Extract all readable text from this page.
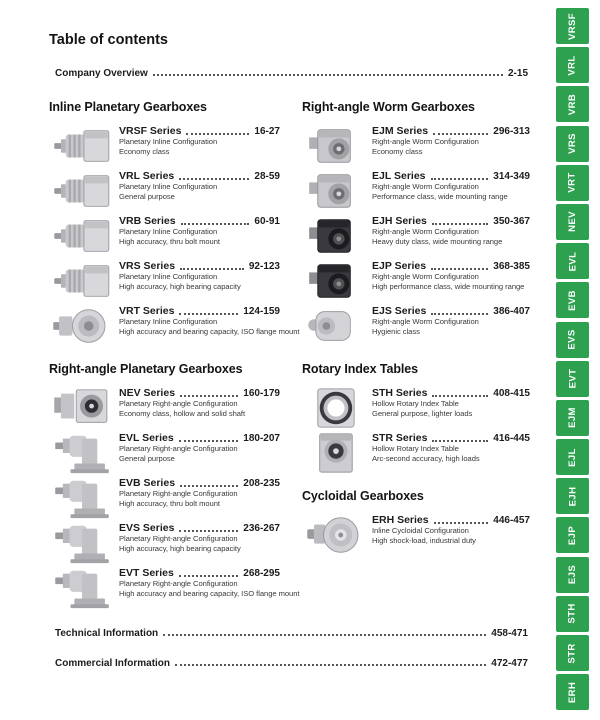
Table of contents
Company Overview	2-15
Inline Planetary Gearboxes
VRSF Series	16-27
Planetary Inline Configuration
Economy class
VRL Series	28-59
Planetary Inline Configuration
General purpose
VRB Series	60-91
Planetary Inline Configuration
High accuracy, thru bolt mount
VRS Series	92-123
Planetary Inline Configuration
High accuracy, high bearing capacity
VRT Series	124-159
Planetary Inline Configuration
High accuracy and bearing capacity, ISO flange mount
Right-angle Planetary Gearboxes
NEV Series	160-179
Planetary Right-angle Configuration
Economy class, hollow and solid shaft
EVL Series	180-207
Planetary Right-angle Configuration
General purpose
EVB Series	208-235
Planetary Right-angle Configuration
High accuracy, thru bolt mount
EVS Series	236-267
Planetary Right-angle Configuration
High accuracy, high bearing capacity
EVT Series	268-295
Planetary Right-angle Configuration
High accuracy and bearing capacity, ISO flange mount
Right-angle Worm Gearboxes
EJM Series	296-313
Right-angle Worm Configuration
Economy class
EJL Series	314-349
Right-angle Worm Configuration
Performance class, wide mounting range
EJH Series	350-367
Right-angle Worm Configuration
Heavy duty class, wide mounting range
EJP Series	368-385
Right-angle Worm Configuration
High performance class, wide mounting range
EJS Series	386-407
Right-angle Worm Configuration
Hygienic class
Rotary Index Tables
STH Series	408-415
Hollow Rotary Index Table
General purpose, lighter loads
STR Series	416-445
Hollow Rotary Index Table
Arc-second accuracy, high loads
Cycloidal Gearboxes
ERH Series	446-457
Inline Cycloidal Configuration
High shock-load, industrial duty
Technical Information	458-471
Commercial Information	472-477
VRSF
VRL
VRB
VRS
VRT
NEV
EVL
EVB
EVS
EVT
EJM
EJL
EJH
EJP
EJS
STH
STR
ERH
